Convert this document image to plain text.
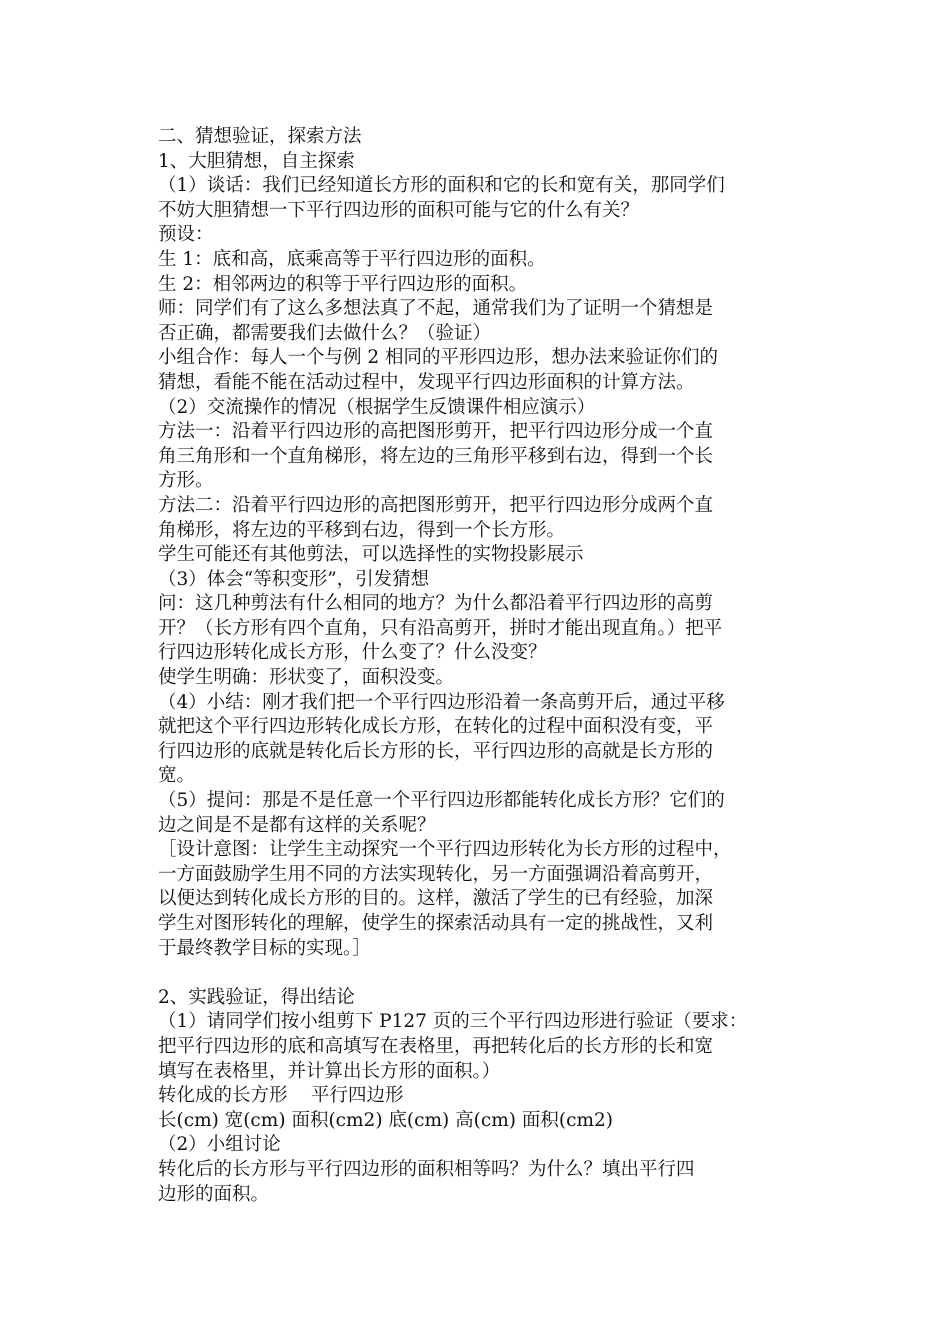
二、猜想验证，探索方法

1、大胆猜想，自主探索

（1）谈话：我们已经知道长方形的面积和它的长和宽有关，那同学们

不妨大胆猜想一下平行四边形的面积可能与它的什么有关？

预设：

生 1：底和高，底乘高等于平行四边形的面积。

生 2：相邻两边的积等于平行四边形的面积。

师：同学们有了这么多想法真了不起，通常我们为了证明一个猜想是

否正确，都需要我们去做什么？（验证）

小组合作：每人一个与例 2 相同的平形四边形，想办法来验证你们的

猜想，看能不能在活动过程中，发现平行四边形面积的计算方法。

（2）交流操作的情况（根据学生反馈课件相应演示）

方法一：沿着平行四边形的高把图形剪开，把平行四边形分成一个直

角三角形和一个直角梯形，将左边的三角形平移到右边，得到一个长

方形。

方法二：沿着平行四边形的高把图形剪开，把平行四边形分成两个直

角梯形，将左边的平移到右边，得到一个长方形。

学生可能还有其他剪法，可以选择性的实物投影展示

（3）体会“等积变形”，引发猜想

问：这几种剪法有什么相同的地方？为什么都沿着平行四边形的高剪

开？（长方形有四个直角，只有沿高剪开，拼时才能出现直角。）把平

行四边形转化成长方形，什么变了？什么没变？

使学生明确：形状变了，面积没变。

（4）小结：刚才我们把一个平行四边形沿着一条高剪开后，通过平移

就把这个平行四边形转化成长方形，在转化的过程中面积没有变，平

行四边形的底就是转化后长方形的长，平行四边形的高就是长方形的

宽。

（5）提问：那是不是任意一个平行四边形都能转化成长方形？它们的

边之间是不是都有这样的关系呢？

［设计意图：让学生主动探究一个平行四边形转化为长方形的过程中，

一方面鼓励学生用不同的方法实现转化，另一方面强调沿着高剪开，

以便达到转化成长方形的目的。这样，激活了学生的已有经验，加深

学生对图形转化的理解，使学生的探索活动具有一定的挑战性，又利

于最终教学目标的实现。］

2、实践验证，得出结论

（1）请同学们按小组剪下 P127 页的三个平行四边形进行验证（要求：

把平行四边形的底和高填写在表格里，再把转化后的长方形的长和宽

填写在表格里，并计算出长方形的面积。）

转化成的长方形    平行四边形

长(cm) 宽(cm) 面积(cm2) 底(cm) 高(cm) 面积(cm2)

（2）小组讨论

转化后的长方形与平行四边形的面积相等吗？为什么？填出平行四

边形的面积。
